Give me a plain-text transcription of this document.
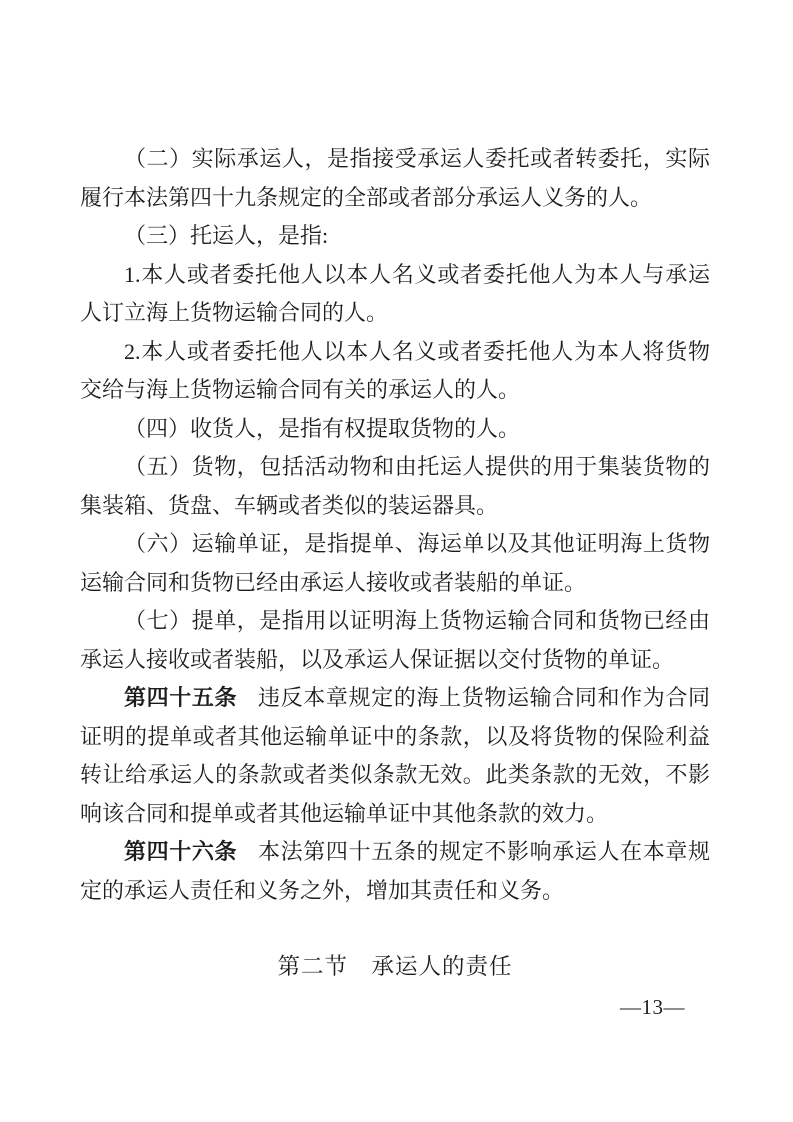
（二）实际承运人，是指接受承运人委托或者转委托，实际履行本法第四十九条规定的全部或者部分承运人义务的人。

（三）托运人，是指:

1.本人或者委托他人以本人名义或者委托他人为本人与承运人订立海上货物运输合同的人。

2.本人或者委托他人以本人名义或者委托他人为本人将货物交给与海上货物运输合同有关的承运人的人。

（四）收货人，是指有权提取货物的人。

（五）货物，包括活动物和由托运人提供的用于集装货物的集装箱、货盘、车辆或者类似的装运器具。

（六）运输单证，是指提单、海运单以及其他证明海上货物运输合同和货物已经由承运人接收或者装船的单证。

（七）提单，是指用以证明海上货物运输合同和货物已经由承运人接收或者装船，以及承运人保证据以交付货物的单证。

第四十五条 违反本章规定的海上货物运输合同和作为合同证明的提单或者其他运输单证中的条款，以及将货物的保险利益转让给承运人的条款或者类似条款无效。此类条款的无效，不影响该合同和提单或者其他运输单证中其他条款的效力。

第四十六条 本法第四十五条的规定不影响承运人在本章规定的承运人责任和义务之外，增加其责任和义务。

第二节　承运人的责任
—13—
